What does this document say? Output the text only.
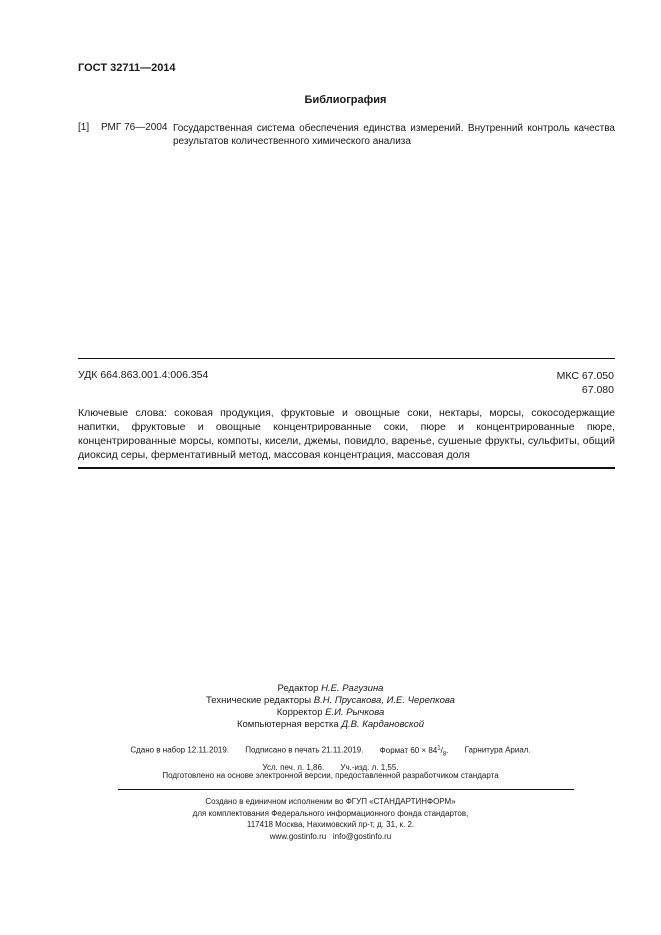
ГОСТ 32711—2014
Библиография
[1] РМГ 76—2004 Государственная система обеспечения единства измерений. Внутренний контроль качества результатов количественного химического анализа
УДК 664.863.001.4:006.354	МКС 67.050
67.080
Ключевые слова: соковая продукция, фруктовые и овощные соки, нектары, морсы, сокосодержащие напитки, фруктовые и овощные концентрированные соки, пюре и концентрированные пюре, концентрированные морсы, компоты, кисели, джемы, повидло, варенье, сушеные фрукты, сульфиты, общий диоксид серы, ферментативный метод, массовая концентрация, массовая доля
Редактор Н.Е. Рагузина
Технические редакторы В.Н. Прусакова, И.Е. Черепкова
Корректор Е.И. Рычкова
Компьютерная верстка Д.В. Кардановской
Сдано в набор 12.11.2019. Подписано в печать 21.11.2019. Формат $60 \times 84^1/_8$. Гарнитура Ариал.
Усл. печ. л. 1,86. Уч.-изд. л. 1,55.
Подготовлено на основе электронной версии, предоставленной разработчиком стандарта
Создано в единичном исполнении во ФГУП «СТАНДАРТИНФОРМ»
для комплектования Федерального информационного фонда стандартов,
117418 Москва, Нахимовский пр-т, д. 31, к. 2.
www.gostinfo.ru info@gostinfo.ru
